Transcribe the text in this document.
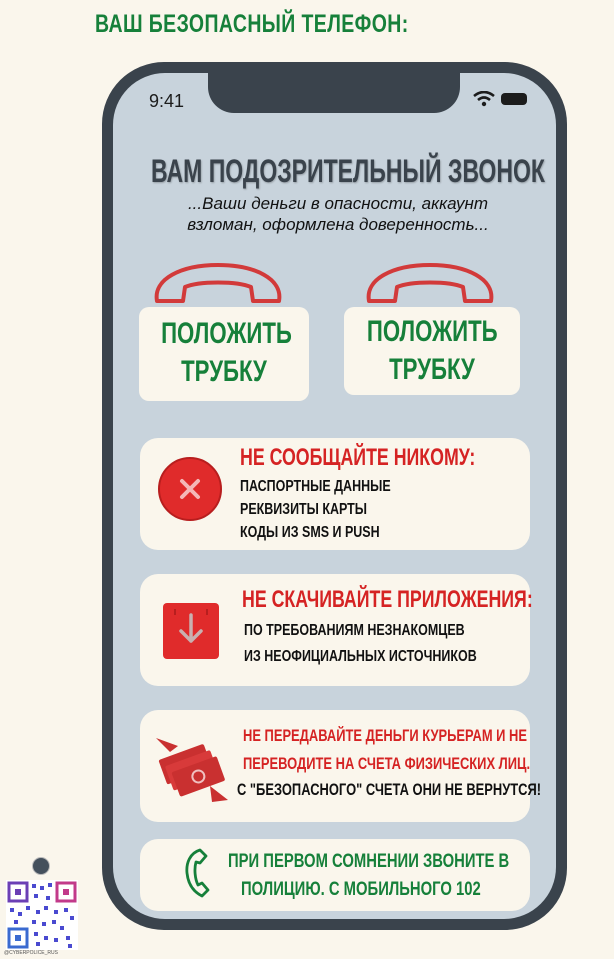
ВАШ БЕЗОПАСНЫЙ ТЕЛЕФОН:
9:41
ВАМ ПОДОЗРИТЕЛЬНЫЙ ЗВОНОК
...Ваши деньги в опасности, аккаунт
взломан, оформлена доверенность...
ПОЛОЖИТЬ
ТРУБКУ
ПОЛОЖИТЬ
ТРУБКУ
НЕ СООБЩАЙТЕ НИКОМУ:
ПАСПОРТНЫЕ ДАННЫЕ
РЕКВИЗИТЫ КАРТЫ
КОДЫ ИЗ SMS И PUSH
НЕ СКАЧИВАЙТЕ ПРИЛОЖЕНИЯ:
ПО ТРЕБОВАНИЯМ НЕЗНАКОМЦЕВ
ИЗ НЕОФИЦИАЛЬНЫХ ИСТОЧНИКОВ
НЕ ПЕРЕДАВАЙТЕ ДЕНЬГИ КУРЬЕРАМ И НЕ
ПЕРЕВОДИТЕ НА СЧЕТА ФИЗИЧЕСКИХ ЛИЦ.
С "БЕЗОПАСНОГО" СЧЕТА ОНИ НЕ ВЕРНУТСЯ!
ПРИ ПЕРВОМ СОМНЕНИИ ЗВОНИТЕ В
ПОЛИЦИЮ. С МОБИЛЬНОГО 102
@CYBERPOLICE_RUS
